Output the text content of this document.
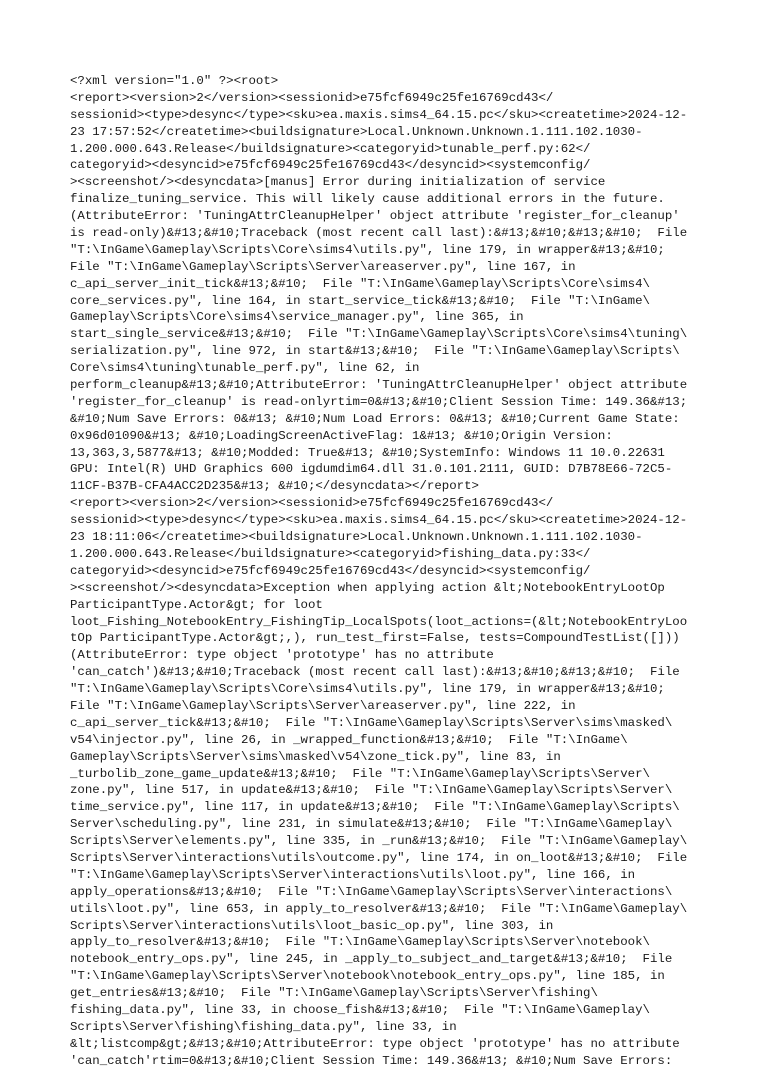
<?xml version="1.0" ?><root>
<report><version>2</version><sessionid>e75fcf6949c25fe16769cd43</
sessionid><type>desync</type><sku>ea.maxis.sims4_64.15.pc</sku><createtime>2024-12-
23 17:57:52</createtime><buildsignature>Local.Unknown.Unknown.1.111.102.1030-
1.200.000.643.Release</buildsignature><categoryid>tunable_perf.py:62</
categoryid><desyncid>e75fcf6949c25fe16769cd43</desyncid><systemconfig/
><screenshot/><desyncdata>[manus] Error during initialization of service
finalize_tuning_service. This will likely cause additional errors in the future.
(AttributeError: 'TuningAttrCleanupHelper' object attribute 'register_for_cleanup'
is read-only)&#13;&#10;Traceback (most recent call last):&#13;&#10;&#13;&#10;  File
"T:\InGame\Gameplay\Scripts\Core\sims4\utils.py", line 179, in wrapper&#13;&#10;
File "T:\InGame\Gameplay\Scripts\Server\areaserver.py", line 167, in
c_api_server_init_tick&#13;&#10;  File "T:\InGame\Gameplay\Scripts\Core\sims4\
core_services.py", line 164, in start_service_tick&#13;&#10;  File "T:\InGame\
Gameplay\Scripts\Core\sims4\service_manager.py", line 365, in
start_single_service&#13;&#10;  File "T:\InGame\Gameplay\Scripts\Core\sims4\tuning\
serialization.py", line 972, in start&#13;&#10;  File "T:\InGame\Gameplay\Scripts\
Core\sims4\tuning\tunable_perf.py", line 62, in
perform_cleanup&#13;&#10;AttributeError: 'TuningAttrCleanupHelper' object attribute
'register_for_cleanup' is read-onlyrtim=0&#13;&#10;Client Session Time: 149.36&#13;
&#10;Num Save Errors: 0&#13; &#10;Num Load Errors: 0&#13; &#10;Current Game State:
0x96d01090&#13; &#10;LoadingScreenActiveFlag: 1&#13; &#10;Origin Version:
13,363,3,5877&#13; &#10;Modded: True&#13; &#10;SystemInfo: Windows 11 10.0.22631
GPU: Intel(R) UHD Graphics 600 igdumdim64.dll 31.0.101.2111, GUID: D7B78E66-72C5-
11CF-B37B-CFA4ACC2D235&#13; &#10;</desyncdata></report>
<report><version>2</version><sessionid>e75fcf6949c25fe16769cd43</
sessionid><type>desync</type><sku>ea.maxis.sims4_64.15.pc</sku><createtime>2024-12-
23 18:11:06</createtime><buildsignature>Local.Unknown.Unknown.1.111.102.1030-
1.200.000.643.Release</buildsignature><categoryid>fishing_data.py:33</
categoryid><desyncid>e75fcf6949c25fe16769cd43</desyncid><systemconfig/
><screenshot/><desyncdata>Exception when applying action &lt;NotebookEntryLootOp
ParticipantType.Actor&gt; for loot
loot_Fishing_NotebookEntry_FishingTip_LocalSpots(loot_actions=(&lt;NotebookEntryLoo
tOp ParticipantType.Actor&gt;,), run_test_first=False, tests=CompoundTestList([]))
(AttributeError: type object 'prototype' has no attribute
'can_catch')&#13;&#10;Traceback (most recent call last):&#13;&#10;&#13;&#10;  File
"T:\InGame\Gameplay\Scripts\Core\sims4\utils.py", line 179, in wrapper&#13;&#10;
File "T:\InGame\Gameplay\Scripts\Server\areaserver.py", line 222, in
c_api_server_tick&#13;&#10;  File "T:\InGame\Gameplay\Scripts\Server\sims\masked\
v54\injector.py", line 26, in _wrapped_function&#13;&#10;  File "T:\InGame\
Gameplay\Scripts\Server\sims\masked\v54\zone_tick.py", line 83, in
_turbolib_zone_game_update&#13;&#10;  File "T:\InGame\Gameplay\Scripts\Server\
zone.py", line 517, in update&#13;&#10;  File "T:\InGame\Gameplay\Scripts\Server\
time_service.py", line 117, in update&#13;&#10;  File "T:\InGame\Gameplay\Scripts\
Server\scheduling.py", line 231, in simulate&#13;&#10;  File "T:\InGame\Gameplay\
Scripts\Server\elements.py", line 335, in _run&#13;&#10;  File "T:\InGame\Gameplay\
Scripts\Server\interactions\utils\outcome.py", line 174, in on_loot&#13;&#10;  File
"T:\InGame\Gameplay\Scripts\Server\interactions\utils\loot.py", line 166, in
apply_operations&#13;&#10;  File "T:\InGame\Gameplay\Scripts\Server\interactions\
utils\loot.py", line 653, in apply_to_resolver&#13;&#10;  File "T:\InGame\Gameplay\
Scripts\Server\interactions\utils\loot_basic_op.py", line 303, in
apply_to_resolver&#13;&#10;  File "T:\InGame\Gameplay\Scripts\Server\notebook\
notebook_entry_ops.py", line 245, in _apply_to_subject_and_target&#13;&#10;  File
"T:\InGame\Gameplay\Scripts\Server\notebook\notebook_entry_ops.py", line 185, in
get_entries&#13;&#10;  File "T:\InGame\Gameplay\Scripts\Server\fishing\
fishing_data.py", line 33, in choose_fish&#13;&#10;  File "T:\InGame\Gameplay\
Scripts\Server\fishing\fishing_data.py", line 33, in
&lt;listcomp&gt;&#13;&#10;AttributeError: type object 'prototype' has no attribute
'can_catch'rtim=0&#13;&#10;Client Session Time: 149.36&#13; &#10;Num Save Errors:
